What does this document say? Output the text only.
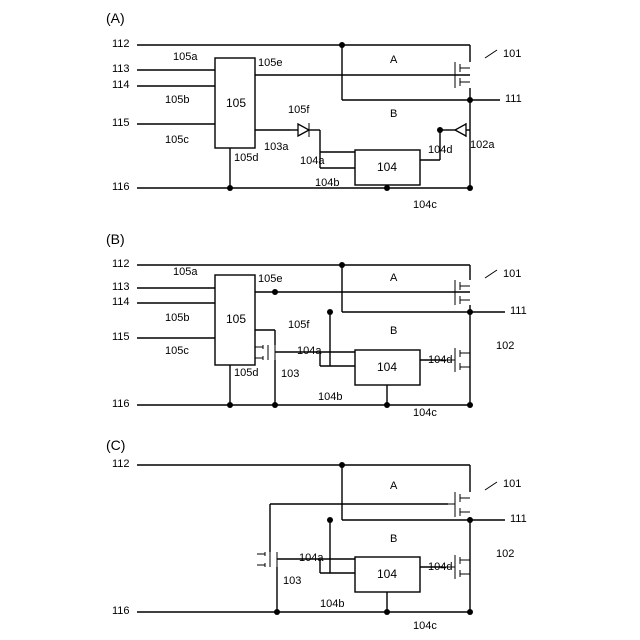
(A)
112
113
114
115
116
111
105a	105e
101
105b
105f
105c
103a	102a
105d	104a
104d
104b
104c
A
B
105
104
(B)
112
113
114
115
116
111
105a
105e	101
105b
105f
105c
103
102
105d
104a
104d
104b
104c
A
B
105
104
(C)
112
116
111
101
102
103
104a
104b
104c
104d
A
B
104
